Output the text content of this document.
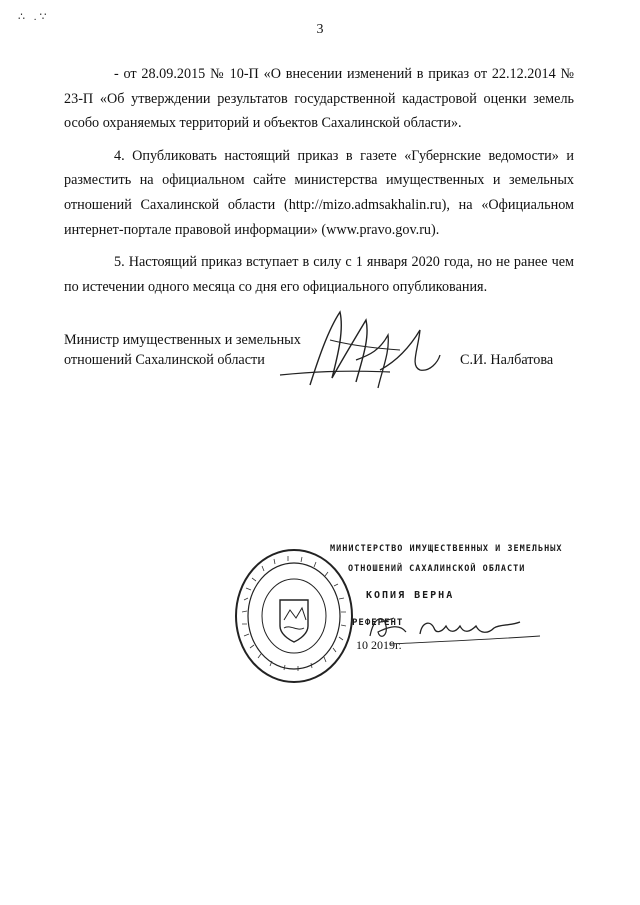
∴ .∵
3

- от 28.09.2015 № 10-П «О внесении изменений в приказ от 22.12.2014 № 23-П «Об утверждении результатов государственной кадастровой оценки земель особо охраняемых территорий и объектов Сахалинской области».

4. Опубликовать настоящий приказ в газете «Губернские ведомости» и разместить на официальном сайте министерства имущественных и земельных отношений Сахалинской области (http://mizo.admsakhalin.ru), на «Официальном интернет-портале правовой информации» (www.pravo.gov.ru).

5. Настоящий приказ вступает в силу с 1 января 2020 года, но не ранее чем по истечении одного месяца со дня его официального опубликования.

Министр имущественных и земельных
отношений Сахалинской области	С.И. Налбатова
МИНИСТЕРСТВО ИМУЩЕСТВЕННЫХ И ЗЕМЕЛЬНЫХ
ОТНОШЕНИЙ САХАЛИНСКОЙ ОБЛАСТИ
КОПИЯ ВЕРНА
РЕФЕРЕНТ
10 2019г.
